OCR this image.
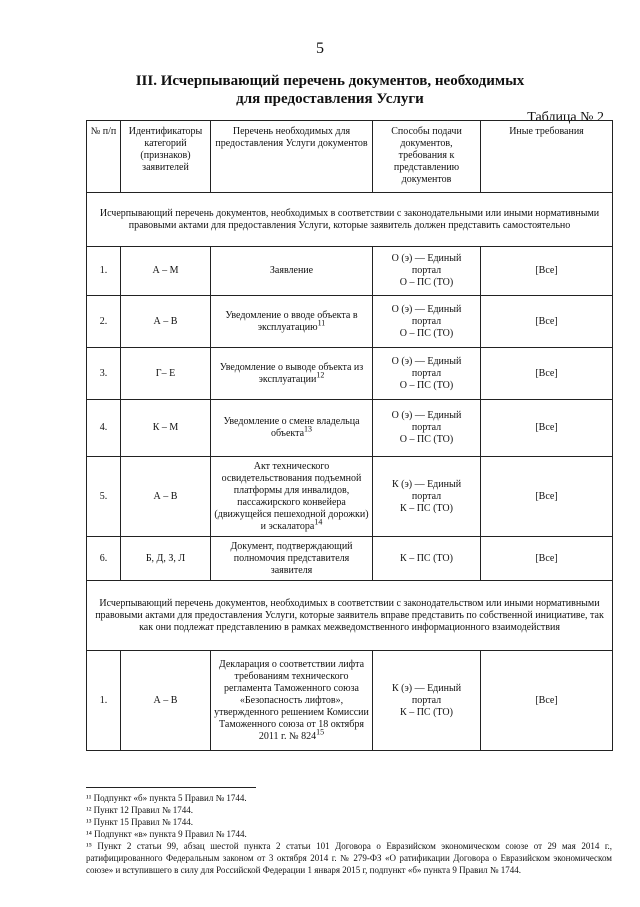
5
III. Исчерпывающий перечень документов, необходимых
для предоставления Услуги
Таблица № 2
№ п/п	Идентификаторы категорий (признаков) заявителей	Перечень необходимых для предоставления Услуги документов	Способы подачи документов, требования к представлению документов	Иные требования
Исчерпывающий перечень документов, необходимых в соответствии с законодательными или иными нормативными правовыми актами для предоставления Услуги, которые заявитель должен представить самостоятельно				
1.	А – М	Заявление	О (э) — Единый
портал
О – ПС (ТО)	[Все]
2.	А – В	Уведомление о вводе объекта в эксплуатацию$^{11}$	О (э) — Единый
портал
О – ПС (ТО)	[Все]
3.	Г– Е	Уведомление о выводе объекта из эксплуатации$^{12}$	О (э) — Единый
портал
О – ПС (ТО)	[Все]
4.	К – М	Уведомление о смене владельца объекта$^{13}$	О (э) — Единый
портал
О – ПС (ТО)	[Все]
5.	А – В	Акт технического освидетельствования подъемной платформы для инвалидов, пассажирского конвейера (движущейся пешеходной дорожки) и эскалатора$^{14}$	К (э) — Единый
портал
К – ПС (ТО)	[Все]
6.	Б, Д, З, Л	Документ, подтверждающий полномочия представителя заявителя	К – ПС (ТО)	[Все]
Исчерпывающий перечень документов, необходимых в соответствии с законодательством или иными нормативными правовыми актами для предоставления Услуги, которые заявитель вправе представить по собственной инициативе, так как они подлежат представлению в рамках межведомственного информационного взаимодействия				
1.	А – В	Декларация о соответствии лифта требованиям технического регламента Таможенного союза «Безопасность лифтов», утвержденного решением Комиссии Таможенного союза от 18 октября 2011 г. № $824^{15}$	К (э) — Единый
портал
К – ПС (ТО)	[Все]
¹¹ Подпункт «б» пункта 5 Правил № 1744.
¹² Пункт 12 Правил № 1744.
¹³ Пункт 15 Правил № 1744.
¹⁴ Подпункт «в» пункта 9 Правил № 1744.
¹⁵ Пункт 2 статьи 99, абзац шестой пункта 2 статьи 101 Договора о Евразийском экономическом союзе от 29 мая 2014 г., ратифицированного Федеральным законом от 3 октября 2014 г. № 279-ФЗ «О ратификации Договора о Евразийском экономическом союзе» и вступившего в силу для Российской Федерации 1 января 2015 г, подпункт «б» пункта 9 Правил № 1744.
